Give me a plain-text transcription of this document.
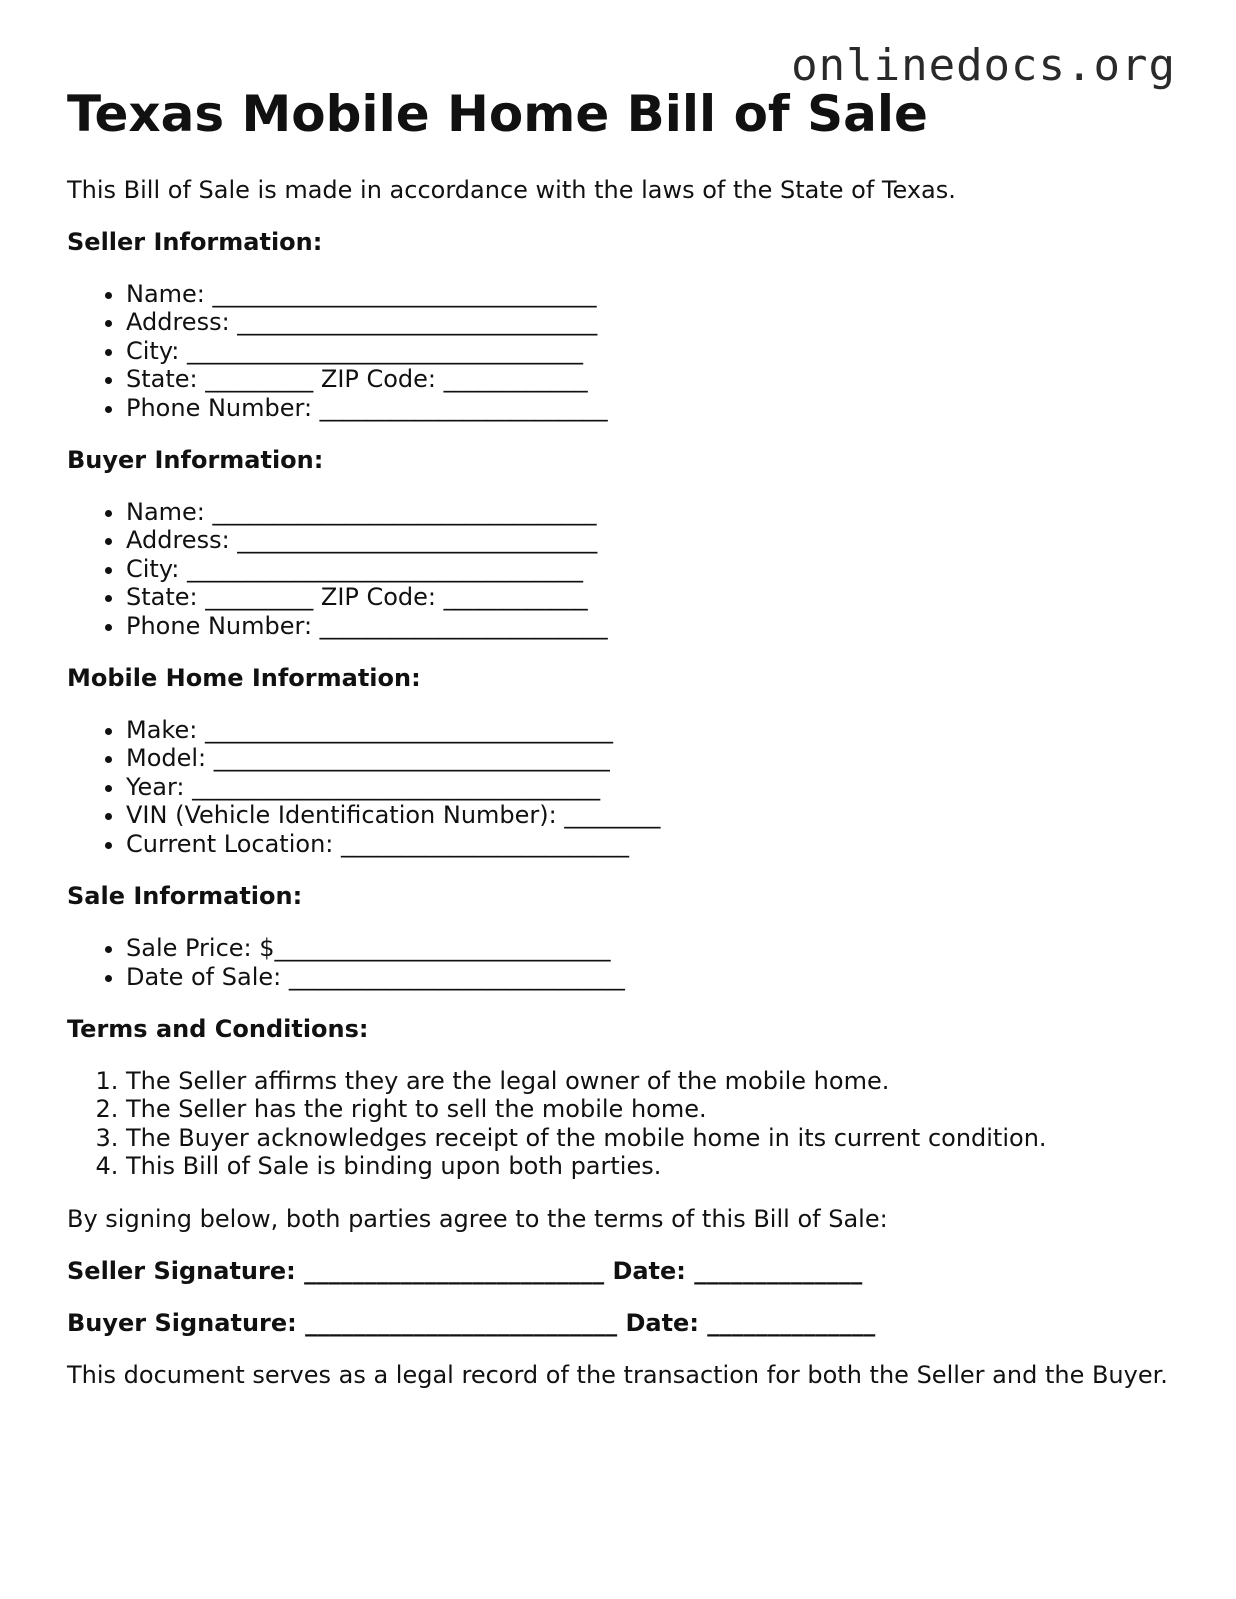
onlinedocs.org
Texas Mobile Home Bill of Sale

This Bill of Sale is made in accordance with the laws of the State of Texas.

Seller Information:
• Name: ________________________________
• Address: ______________________________
• City: _________________________________
• State: _________ ZIP Code: ____________
• Phone Number: ________________________
Buyer Information:
• Name: ________________________________
• Address: ______________________________
• City: _________________________________
• State: _________ ZIP Code: ____________
• Phone Number: ________________________
Mobile Home Information:
• Make: __________________________________
• Model: _________________________________
• Year: __________________________________
• VIN (Vehicle Identification Number): ________
• Current Location: ________________________
Sale Information:
• Sale Price: $____________________________
• Date of Sale: ____________________________
Terms and Conditions:
1. The Seller affirms they are the legal owner of the mobile home.
2. The Seller has the right to sell the mobile home.
3. The Buyer acknowledges receipt of the mobile home in its current condition.
4. This Bill of Sale is binding upon both parties.

By signing below, both parties agree to the terms of this Bill of Sale:

Seller Signature: _________________________ Date: ______________
Buyer Signature: __________________________ Date: ______________

This document serves as a legal record of the transaction for both the Seller and the Buyer.
